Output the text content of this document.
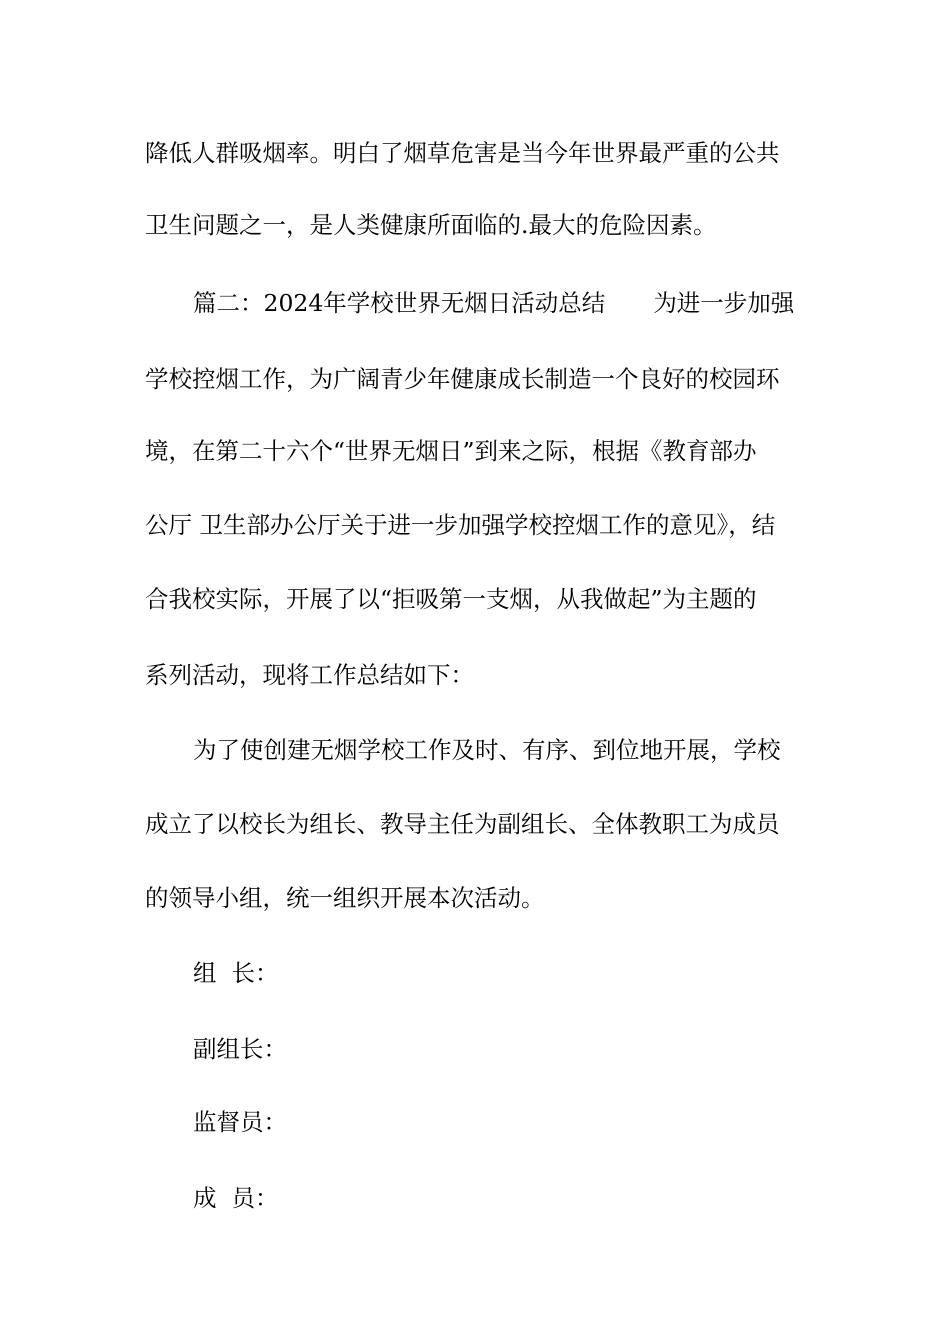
降低人群吸烟率。明白了烟草危害是当今年世界最严重的公共
卫生问题之一，是人类健康所面临的.最大的危险因素。
篇二：2024年学校世界无烟日活动总结 为进一步加强
学校控烟工作，为广阔青少年健康成长制造一个良好的校园环
境，在第二十六个“世界无烟日”到来之际，根据《教育部办
公厅 卫生部办公厅关于进一步加强学校控烟工作的意见》，结
合我校实际，开展了以“拒吸第一支烟，从我做起”为主题的
系列活动，现将工作总结如下：
为了使创建无烟学校工作及时、有序、到位地开展，学校
成立了以校长为组长、教导主任为副组长、全体教职工为成员
的领导小组，统一组织开展本次活动。
组  长：
副组长：
监督员：
成  员：
